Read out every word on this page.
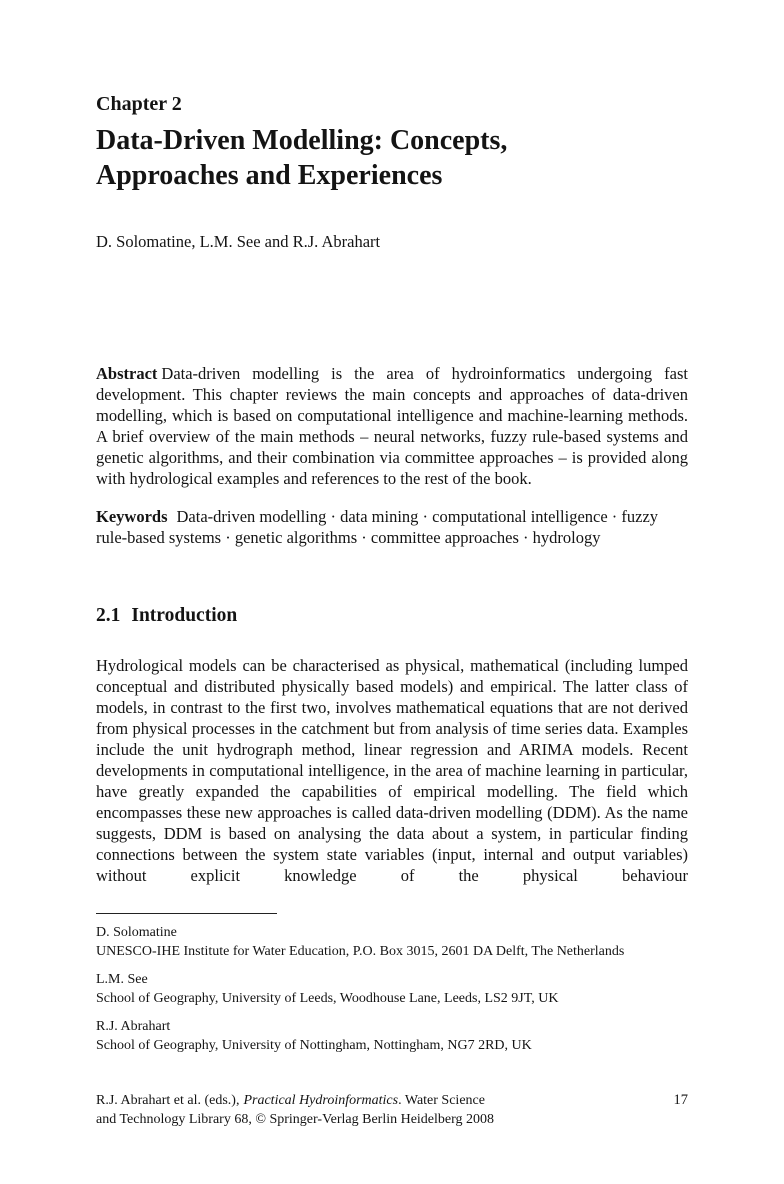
Chapter 2
Data-Driven Modelling: Concepts,
Approaches and Experiences
D. Solomatine, L.M. See and R.J. Abrahart

Abstract Data-driven modelling is the area of hydroinformatics undergoing fast development. This chapter reviews the main concepts and approaches of data-driven modelling, which is based on computational intelligence and machine-learning methods. A brief overview of the main methods – neural networks, fuzzy rule-based systems and genetic algorithms, and their combination via committee approaches – is provided along with hydrological examples and references to the rest of the book.

Keywords Data-driven modelling · data mining · computational intelligence · fuzzy rule-based systems · genetic algorithms · committee approaches · hydrology

2.1 Introduction

Hydrological models can be characterised as physical, mathematical (including lumped conceptual and distributed physically based models) and empirical. The latter class of models, in contrast to the first two, involves mathematical equations that are not derived from physical processes in the catchment but from analysis of time series data. Examples include the unit hydrograph method, linear regression and ARIMA models. Recent developments in computational intelligence, in the area of machine learning in particular, have greatly expanded the capabilities of empirical modelling. The field which encompasses these new approaches is called data-driven modelling (DDM). As the name suggests, DDM is based on analysing the data about a system, in particular finding connections between the system state variables (input, internal and output variables) without explicit knowledge of the physical behaviour

D. Solomatine
UNESCO-IHE Institute for Water Education, P.O. Box 3015, 2601 DA Delft, The Netherlands
L.M. See
School of Geography, University of Leeds, Woodhouse Lane, Leeds, LS2 9JT, UK
R.J. Abrahart
School of Geography, University of Nottingham, Nottingham, NG7 2RD, UK
R.J. Abrahart et al. (eds.), Practical Hydroinformatics. Water Science
and Technology Library 68, © Springer-Verlag Berlin Heidelberg 2008
17
